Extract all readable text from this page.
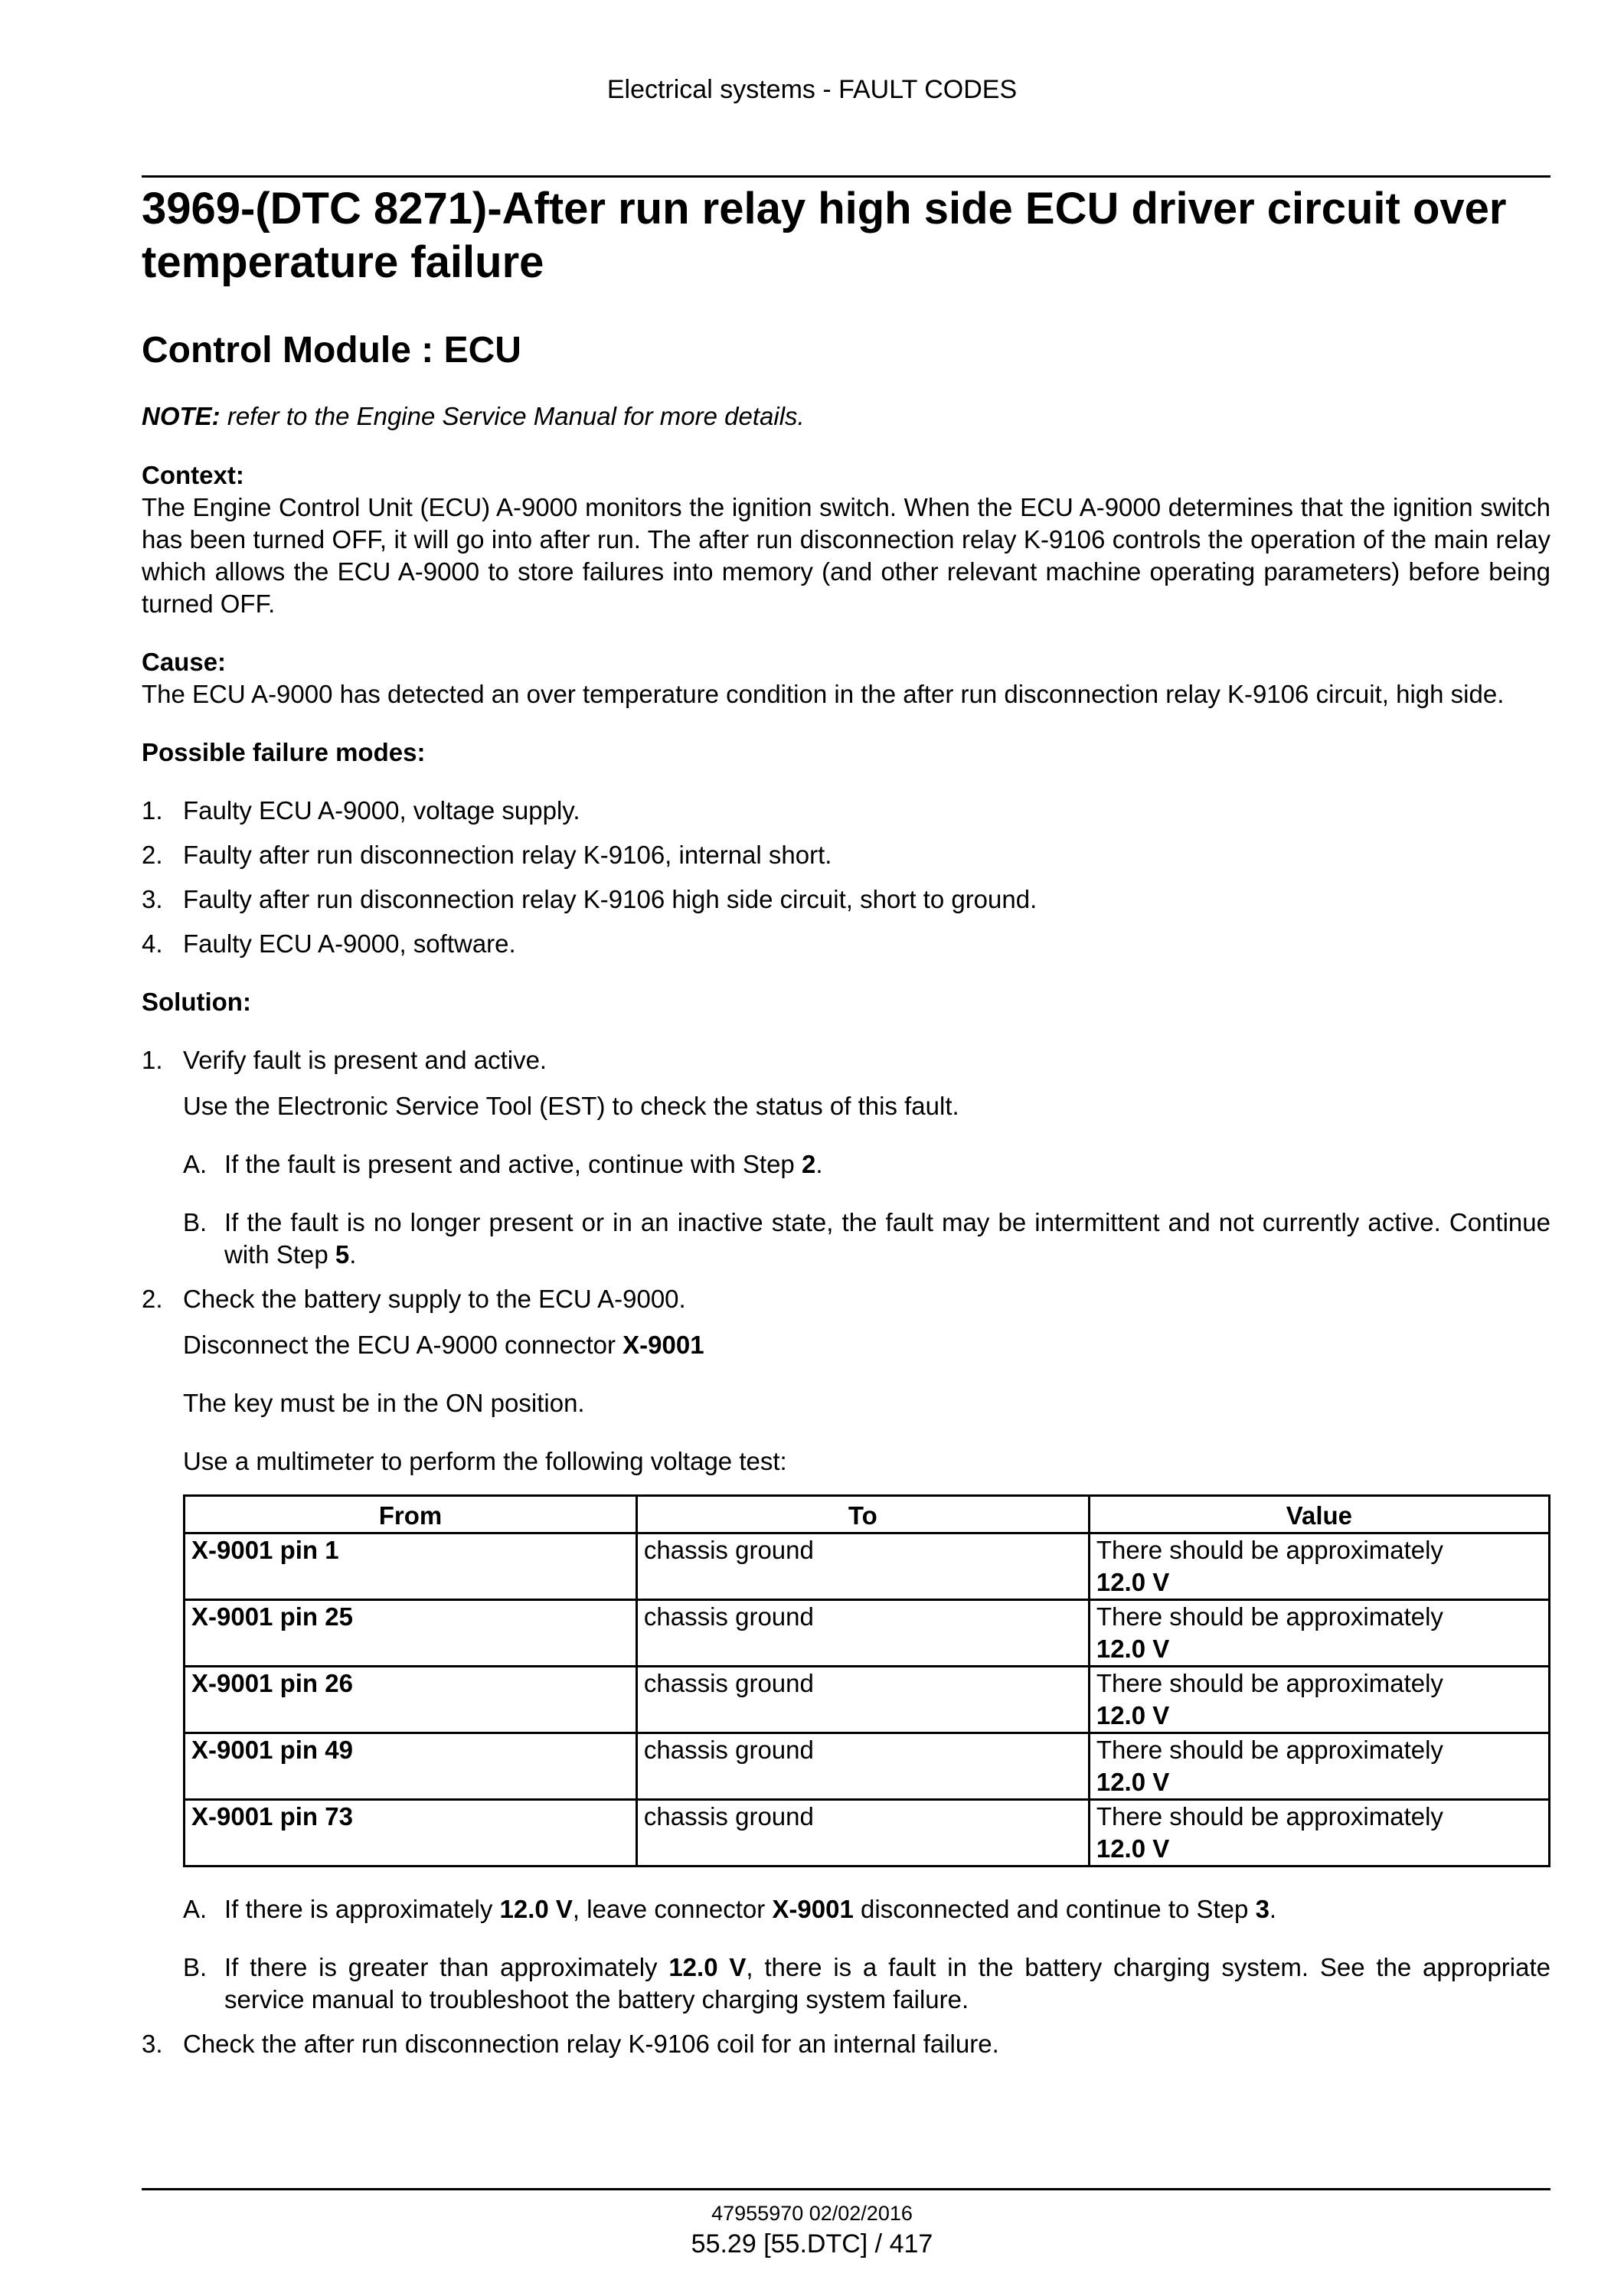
Electrical systems - FAULT CODES
3969-(DTC 8271)-After run relay high side ECU driver circuit over temperature failure
Control Module : ECU
NOTE: refer to the Engine Service Manual for more details.
Context:
The Engine Control Unit (ECU) A-9000 monitors the ignition switch. When the ECU A-9000 determines that the ignition switch has been turned OFF, it will go into after run. The after run disconnection relay K-9106 controls the operation of the main relay which allows the ECU A-9000 to store failures into memory (and other relevant machine operating parameters) before being turned OFF.
Cause:
The ECU A-9000 has detected an over temperature condition in the after run disconnection relay K-9106 circuit, high side.
Possible failure modes:
1. Faulty ECU A-9000, voltage supply.
2. Faulty after run disconnection relay K-9106, internal short.
3. Faulty after run disconnection relay K-9106 high side circuit, short to ground.
4. Faulty ECU A-9000, software.
Solution:
1. Verify fault is present and active.
Use the Electronic Service Tool (EST) to check the status of this fault.
A. If the fault is present and active, continue with Step 2.
B. If the fault is no longer present or in an inactive state, the fault may be intermittent and not currently active. Continue with Step 5.
2. Check the battery supply to the ECU A-9000.
Disconnect the ECU A-9000 connector X-9001
The key must be in the ON position.
Use a multimeter to perform the following voltage test:
From	To	Value
X-9001 pin 1	chassis ground	There should be approximately
12.0 V
X-9001 pin 25	chassis ground	There should be approximately
12.0 V
X-9001 pin 26	chassis ground	There should be approximately
12.0 V
X-9001 pin 49	chassis ground	There should be approximately
12.0 V
X-9001 pin 73	chassis ground	There should be approximately
12.0 V
A. If there is approximately 12.0 V, leave connector X-9001 disconnected and continue to Step 3.
B. If there is greater than approximately 12.0 V, there is a fault in the battery charging system. See the appropriate service manual to troubleshoot the battery charging system failure.
3. Check the after run disconnection relay K-9106 coil for an internal failure.
47955970 02/02/2016
55.29 [55.DTC] / 417
